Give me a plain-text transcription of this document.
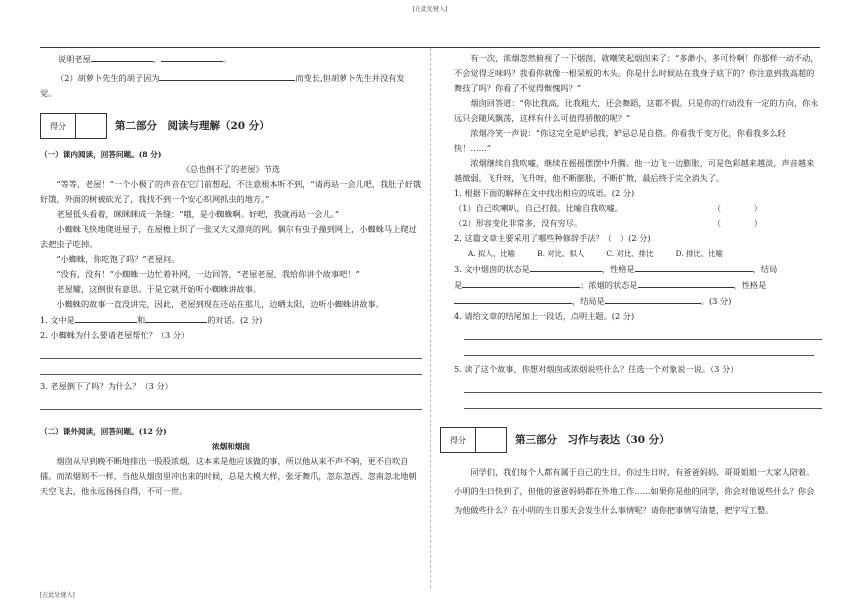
[在此处键入]

说明老屋	、	。

（2）胡萝卜先生的胡子因为	而变长,但胡萝卜先生并没有发

觉。

得分	第二部分　阅读与理解（20 分）

（一）课内阅读，回答问题。(8 分)

《总也倒不了的老屋》节选

“等等，老屋！”一个小极了的声音在它门前想起，不注意根本听不到，“请再站一会儿吧，我肚子好饿好饿，外面的树被砍光了，我找不到一个安心织网抓虫的地方。”

老屋低头看着，眯眯眯成一条缝：“哦，是小蜘蛛啊。好吧，我就再站一会儿。”

小蜘蛛飞快地爬进屋子，在屋檐上织了一张又大又漂亮的网。偶尔有虫子撞到网上，小蜘蛛马上爬过去把虫子吃掉。

“小蜘蛛，你吃饱了吗？”老屋问。

“没有，没有！”小蜘蛛一边忙着补网，一边回答，“老屋老屋，我给你讲个故事吧！”

老屋耀，这倒很有意思。于是它就开始听小蜘蛛讲故事。

小蜘蛛的故事一直没讲完，因此，老屋到现在还站在那儿，边晒太阳，边听小蜘蛛讲故事。

1. 文中是	和	的对话。(2 分)

2. 小蜘蛛为什么要请老屋帮忙？（3 分）

3. 老屋倒下了吗？为什么？（3 分）

（二）课外阅读，回答问题。(12 分)

浓烟和烟囱

烟囱从早到晚不断地排出一股股浓烟，这本来是他应该做的事，所以他从来不声不响，更不自吹自擂。而浓烟则不一样，当他从烟囱里冲出来的时候，总是大模大样，张牙舞爪，忽东忽西、忽南忽北地朝天空飞去，他永远扬扬自得，不可一世。

有一次，浓烟忽然俯视了一下烟囱，就嘲笑起烟囱来了：“多渺小，多可怜啊！你那样一动不动，不会觉得乏味吗？我看你就像一根呆板的木头。你是什么时候站在我身子底下的？你注意到我高超的舞技了吗？你看了不觉得惭愧吗？”

烟囱回答道：“你比我高，比我粗大，还会舞蹈，这都不假。只是你的行动没有一定的方向，你永远只会随风飘荡，这样有什么可值得骄傲的呢？”

浓烟冷笑一声说：“你这完全是妒忌我，妒忌总是自搭。你看我千变万化，你看我多么轻快！……”

浓烟继续自我吹嘘，继续在摇摇摆摆中升腾。他一边飞一边膨胀，可是色彩越来越淡，声音越来越微弱，飞升呀，飞升呀，他不断膨胀，不断扩散，最后终于完全消失了。

1. 根据下面的解释在文中找出相应的成语。(2 分)

（1）自己吹喇叭，自己打鼓。比喻自我吹嘘。	（　　　　）

（2）形容变化非常多，没有穷尽。	（　　　　）

2. 这篇文章主要采用了哪些种修辞手法？（　）(2 分)

A. 拟人、比喻　　　B. 对比、拟人　　　C. 对比、排比　　　D. 排比、比喻

3. 文中烟囱的状态是	，性格是	，结局

是	；浓烟的状态是	，性格是

，结局是	。(3 分)

4. 请给文章的结尾加上一段话，点明主题。(2 分)

5. 读了这个故事，你想对烟囱或浓烟说些什么？任选一个对象说一说。（3 分）

得分	第三部分　习作与表达（30 分）

同学们，我们每个人都有属于自己的生日，你过生日时，有爸爸妈妈、哥哥姐姐一大家人陪着。小明的生日快到了，但他的爸爸妈妈都在外地工作……如果你是他的同学，你会对他说些什么？你会为他做些什么？在小明的生日那天会发生什么事情呢？请你把事情写清楚，把字写工整。

[在此处键入]
